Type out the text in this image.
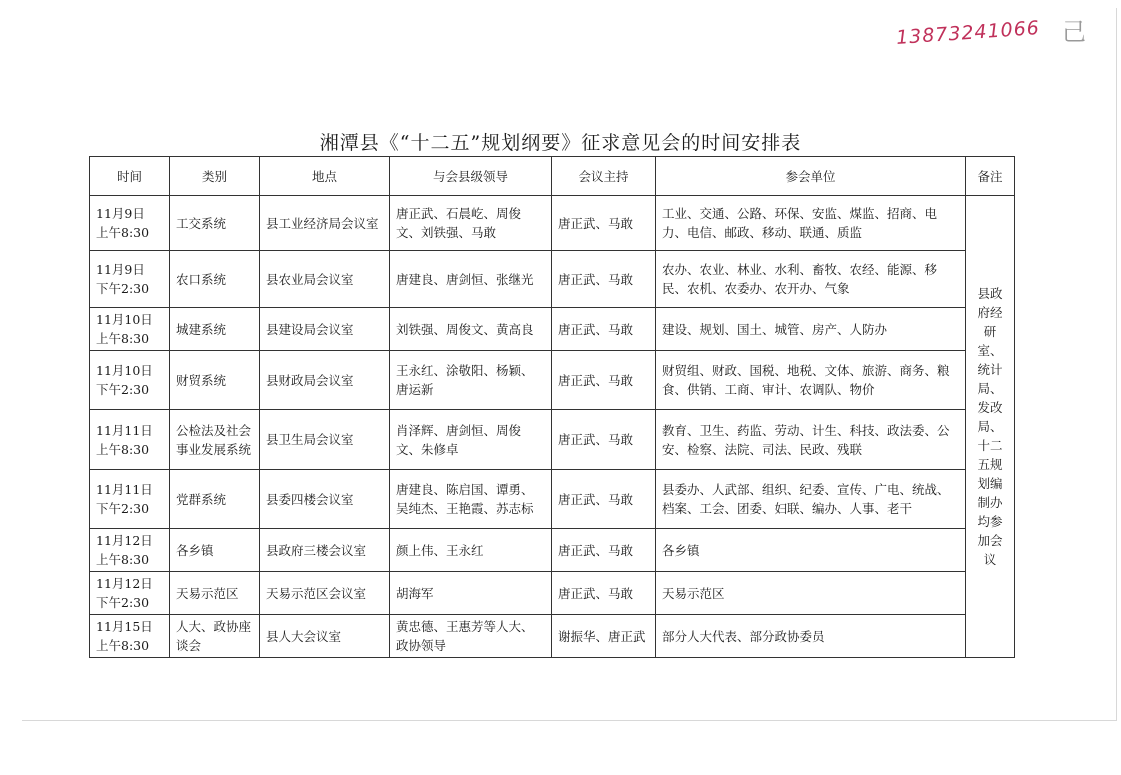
13873241066 己
湘潭县《“十二五”规划纲要》征求意见会的时间安排表
时间	类别	地点	与会县级领导	会议主持	参会单位	备注
11月9日
上午8:30	工交系统	县工业经济局会议室	唐正武、石晨屹、周俊文、刘铁强、马敢	唐正武、马敢	工业、交通、公路、环保、安监、煤监、招商、电力、电信、邮政、移动、联通、质监	县政府经研室、统计局、发改局、十二五规划编制办均参加会议
11月9日
下午2:30	农口系统	县农业局会议室	唐建良、唐剑恒、张继光	唐正武、马敢	农办、农业、林业、水利、畜牧、农经、能源、移民、农机、农委办、农开办、气象	
11月10日
上午8:30	城建系统	县建设局会议室	刘铁强、周俊文、黄高良	唐正武、马敢	建设、规划、国土、城管、房产、人防办	
11月10日
下午2:30	财贸系统	县财政局会议室	王永红、涂敬阳、杨颖、唐运新	唐正武、马敢	财贸组、财政、国税、地税、文体、旅游、商务、粮食、供销、工商、审计、农调队、物价	
11月11日
上午8:30	公检法及社会事业发展系统	县卫生局会议室	肖泽辉、唐剑恒、周俊文、朱修卓	唐正武、马敢	教育、卫生、药监、劳动、计生、科技、政法委、公安、检察、法院、司法、民政、残联	
11月11日
下午2:30	党群系统	县委四楼会议室	唐建良、陈启国、谭勇、吴纯杰、王艳霞、苏志标	唐正武、马敢	县委办、人武部、组织、纪委、宣传、广电、统战、档案、工会、团委、妇联、编办、人事、老干	
11月12日
上午8:30	各乡镇	县政府三楼会议室	颜上伟、王永红	唐正武、马敢	各乡镇	
11月12日
下午2:30	天易示范区	天易示范区会议室	胡海军	唐正武、马敢	天易示范区	
11月15日
上午8:30	人大、政协座谈会	县人大会议室	黄忠德、王惠芳等人大、政协领导	谢振华、唐正武	部分人大代表、部分政协委员	
